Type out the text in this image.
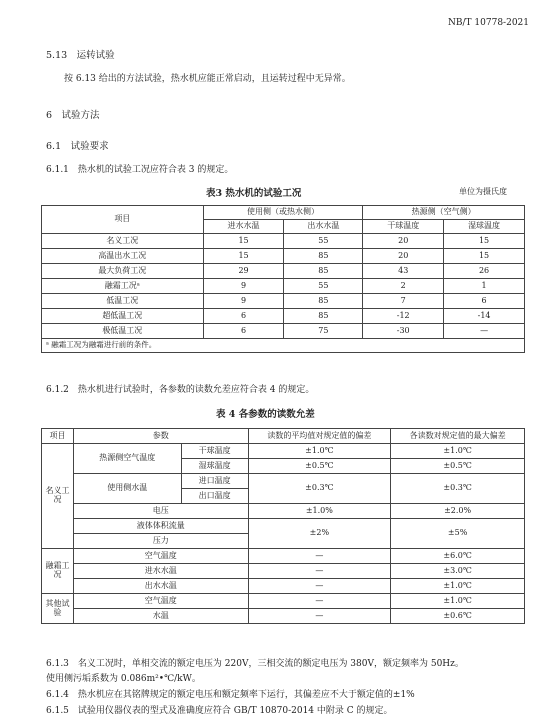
NB/T 10778-2021
5.13　运转试验
按 6.13 给出的方法试验，热水机应能正常启动，且运转过程中无异常。
6　试验方法
6.1　试验要求
6.1.1　热水机的试验工况应符合表 3 的规定。
表3 热水机的试验工况	单位为摄氏度
项目	使用侧（或热水侧）		热源侧（空气侧）	
	进水水温	出水水温	干球温度	湿球温度
名义工况	15	55	20	15
高温出水工况	15	85	20	15
最大负荷工况	29	85	43	26
融霜工况ᵃ	9	55	2	1
低温工况	9	85	7	6
超低温工况	6	85	-12	-14
极低温工况	6	75	-30	—
ᵃ 融霜工况为融霜进行前的条件。				
6.1.2　热水机进行试验时，各参数的读数允差应符合表 4 的规定。
表 4 各参数的读数允差
项目	参数		读数的平均值对规定值的偏差	各读数对规定值的最大偏差
名义工况	热源侧空气温度	干球温度	±1.0℃	±1.0℃
		湿球温度	±0.5℃	±0.5℃
	使用侧水温	进口温度	±0.3℃	±0.3℃
		出口温度		
	电压		±1.0%	±2.0%
	液体体积流量		±2%	±5%
	压力			
融霜工况	空气温度		—	±6.0℃
	进水水温		—	±3.0℃
	出水水温		—	±1.0℃
其他试验	空气温度		—	±1.0℃
	水温		—	±0.6℃
6.1.3　名义工况时，单相交流的额定电压为 220V，三相交流的额定电压为 380V，额定频率为 50Hz。
使用侧污垢系数为 0.086m²•℃/kW。
6.1.4　热水机应在其铭牌规定的额定电压和额定频率下运行，其偏差应不大于额定值的±1%
6.1.5　试验用仪器仪表的型式及准确度应符合 GB/T 10870-2014 中附录 C 的规定。
